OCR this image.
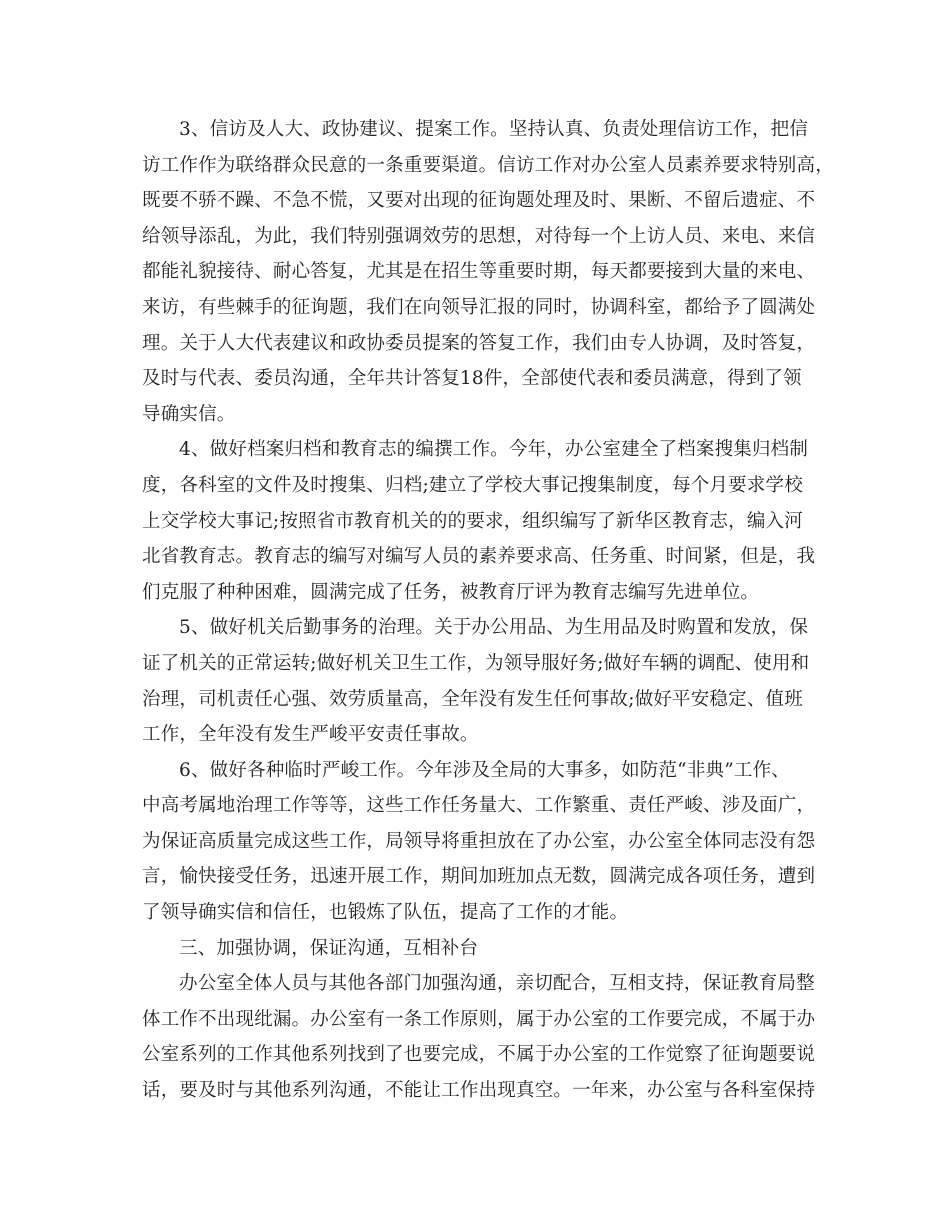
3、信访及人大、政协建议、提案工作。坚持认真、负责处理信访工作，把信
访工作作为联络群众民意的一条重要渠道。信访工作对办公室人员素养要求特别高，
既要不骄不躁、不急不慌，又要对出现的征询题处理及时、果断、不留后遗症、不
给领导添乱，为此，我们特别强调效劳的思想，对待每一个上访人员、来电、来信
都能礼貌接待、耐心答复，尤其是在招生等重要时期，每天都要接到大量的来电、
来访，有些棘手的征询题，我们在向领导汇报的同时，协调科室，都给予了圆满处
理。关于人大代表建议和政协委员提案的答复工作，我们由专人协调，及时答复，
及时与代表、委员沟通，全年共计答复18件，全部使代表和委员满意，得到了领
导确实信。
4、做好档案归档和教育志的编撰工作。今年，办公室建全了档案搜集归档制
度，各科室的文件及时搜集、归档;建立了学校大事记搜集制度，每个月要求学校
上交学校大事记;按照省市教育机关的的要求，组织编写了新华区教育志，编入河
北省教育志。教育志的编写对编写人员的素养要求高、任务重、时间紧，但是，我
们克服了种种困难，圆满完成了任务，被教育厅评为教育志编写先进单位。
5、做好机关后勤事务的治理。关于办公用品、为生用品及时购置和发放，保
证了机关的正常运转;做好机关卫生工作，为领导服好务;做好车辆的调配、使用和
治理，司机责任心强、效劳质量高，全年没有发生任何事故;做好平安稳定、值班
工作，全年没有发生严峻平安责任事故。
6、做好各种临时严峻工作。今年涉及全局的大事多，如防范“非典”工作、
中高考属地治理工作等等，这些工作任务量大、工作繁重、责任严峻、涉及面广，
为保证高质量完成这些工作，局领导将重担放在了办公室，办公室全体同志没有怨
言，愉快接受任务，迅速开展工作，期间加班加点无数，圆满完成各项任务，遭到
了领导确实信和信任，也锻炼了队伍，提高了工作的才能。
三、加强协调，保证沟通，互相补台
办公室全体人员与其他各部门加强沟通，亲切配合，互相支持，保证教育局整
体工作不出现纰漏。办公室有一条工作原则，属于办公室的工作要完成，不属于办
公室系列的工作其他系列找到了也要完成，不属于办公室的工作觉察了征询题要说
话，要及时与其他系列沟通，不能让工作出现真空。一年来，办公室与各科室保持
